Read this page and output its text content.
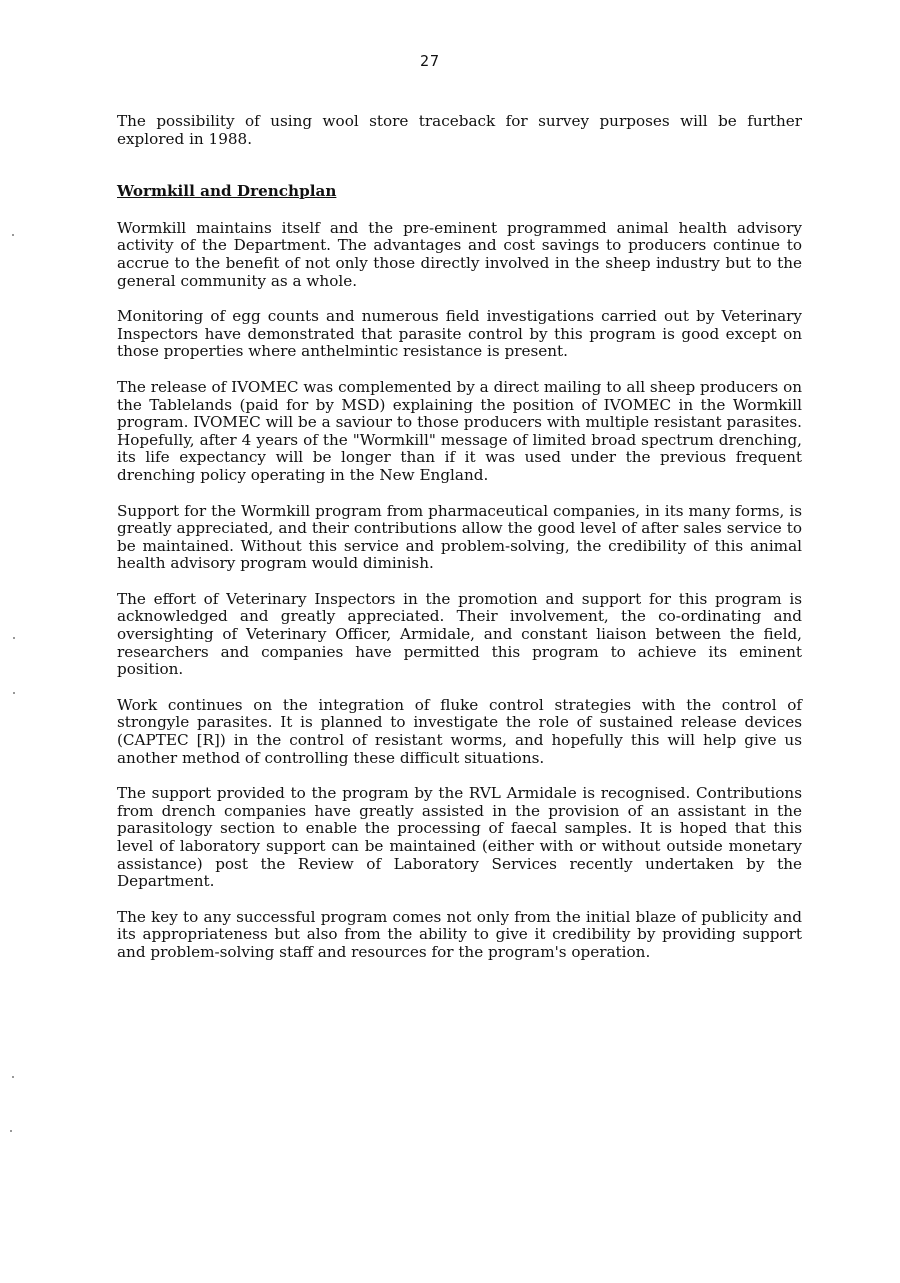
27

The possibility of using wool store traceback for survey purposes will be further explored in 1988.

Wormkill and Drenchplan

Wormkill maintains itself and the pre-eminent programmed animal health advisory activity of the Department. The advantages and cost savings to producers continue to accrue to the benefit of not only those directly involved in the sheep industry but to the general community as a whole.

Monitoring of egg counts and numerous field investigations carried out by Veterinary Inspectors have demonstrated that parasite control by this program is good except on those properties where anthelmintic resistance is present.

The release of IVOMEC was complemented by a direct mailing to all sheep producers on the Tablelands (paid for by MSD) explaining the position of IVOMEC in the Wormkill program. IVOMEC will be a saviour to those producers with multiple resistant parasites. Hopefully, after 4 years of the "Wormkill" message of limited broad spectrum drenching, its life expectancy will be longer than if it was used under the previous frequent drenching policy operating in the New England.

Support for the Wormkill program from pharmaceutical companies, in its many forms, is greatly appreciated, and their contributions allow the good level of after sales service to be maintained. Without this service and problem-solving, the credibility of this animal health advisory program would diminish.

The effort of Veterinary Inspectors in the promotion and support for this program is acknowledged and greatly appreciated. Their involvement, the co-ordinating and oversighting of Veterinary Officer, Armidale, and constant liaison between the field, researchers and companies have permitted this program to achieve its eminent position.

Work continues on the integration of fluke control strategies with the control of strongyle parasites. It is planned to investigate the role of sustained release devices (CAPTEC [R]) in the control of resistant worms, and hopefully this will help give us another method of controlling these difficult situations.

The support provided to the program by the RVL Armidale is recognised. Contributions from drench companies have greatly assisted in the provision of an assistant in the parasitology section to enable the processing of faecal samples. It is hoped that this level of laboratory support can be maintained (either with or without outside monetary assistance) post the Review of Laboratory Services recently undertaken by the Department.

The key to any successful program comes not only from the initial blaze of publicity and its appropriateness but also from the ability to give it credibility by providing support and problem-solving staff and resources for the program's operation.
